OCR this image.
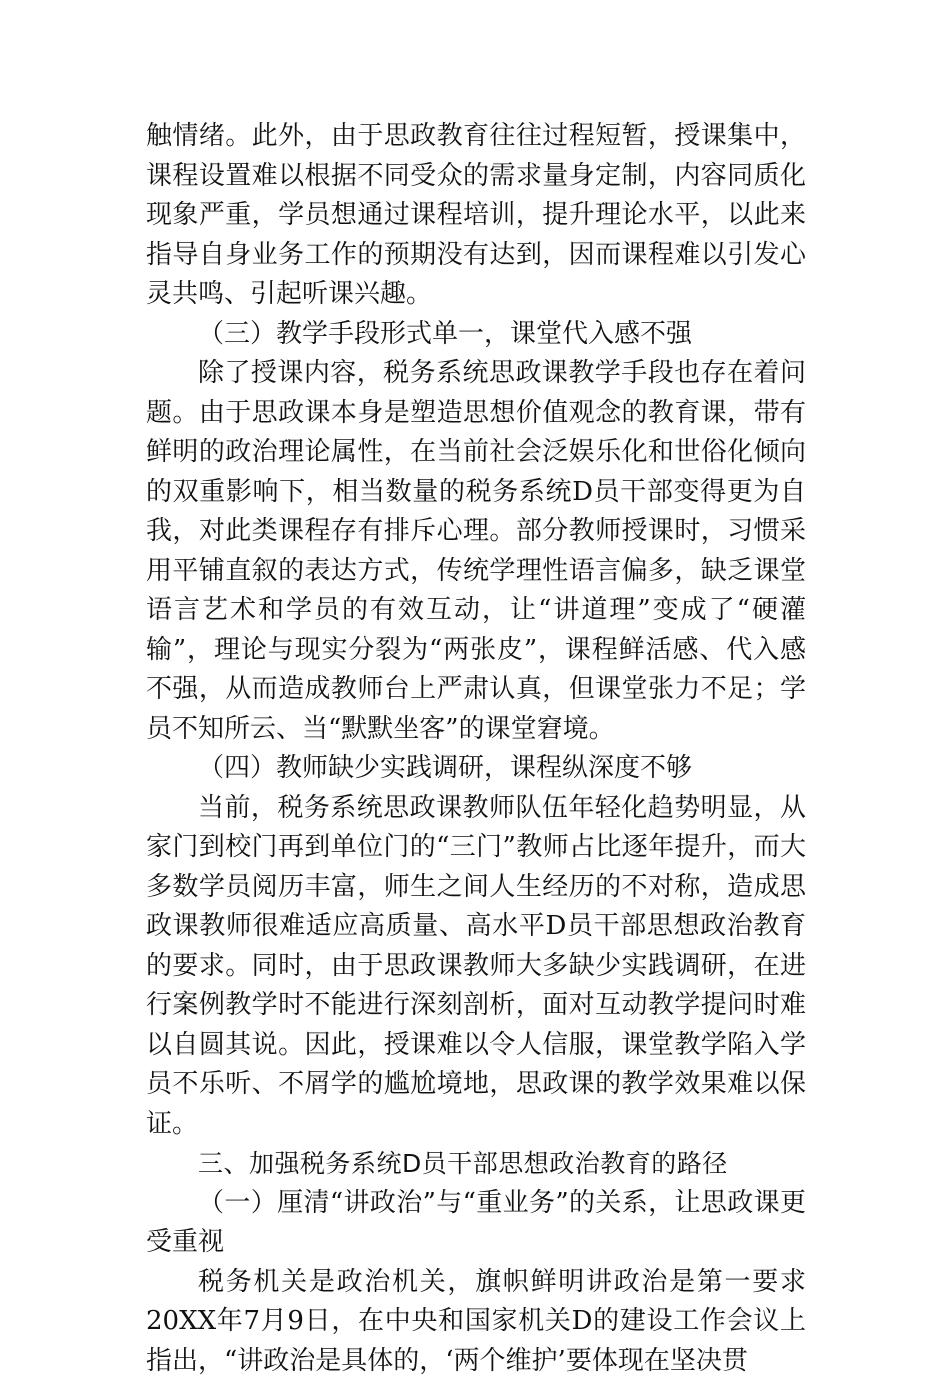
触情绪。此外，由于思政教育往往过程短暂，授课集中，课程设置难以根据不同受众的需求量身定制，内容同质化现象严重，学员想通过课程培训，提升理论水平，以此来指导自身业务工作的预期没有达到，因而课程难以引发心灵共鸣、引起听课兴趣。

（三）教学手段形式单一，课堂代入感不强

除了授课内容，税务系统思政课教学手段也存在着问题。由于思政课本身是塑造思想价值观念的教育课，带有鲜明的政治理论属性，在当前社会泛娱乐化和世俗化倾向的双重影响下，相当数量的税务系统D员干部变得更为自我，对此类课程存有排斥心理。部分教师授课时，习惯采用平铺直叙的表达方式，传统学理性语言偏多，缺乏课堂语言艺术和学员的有效互动，让“讲道理”变成了“硬灌输”，理论与现实分裂为“两张皮”，课程鲜活感、代入感不强，从而造成教师台上严肃认真，但课堂张力不足；学员不知所云、当“默默坐客”的课堂窘境。

（四）教师缺少实践调研，课程纵深度不够

当前，税务系统思政课教师队伍年轻化趋势明显，从家门到校门再到单位门的“三门”教师占比逐年提升，而大多数学员阅历丰富，师生之间人生经历的不对称，造成思政课教师很难适应高质量、高水平D员干部思想政治教育的要求。同时，由于思政课教师大多缺少实践调研，在进行案例教学时不能进行深刻剖析，面对互动教学提问时难以自圆其说。因此，授课难以令人信服，课堂教学陷入学员不乐听、不屑学的尴尬境地，思政课的教学效果难以保证。

三、加强税务系统D员干部思想政治教育的路径

（一）厘清“讲政治”与“重业务”的关系，让思政课更受重视

税务机关是政治机关，旗帜鲜明讲政治是第一要求20XX年7月9日，在中央和国家机关D的建设工作会议上指出，“讲政治是具体的，‘两个维护’要体现在坚决贯
